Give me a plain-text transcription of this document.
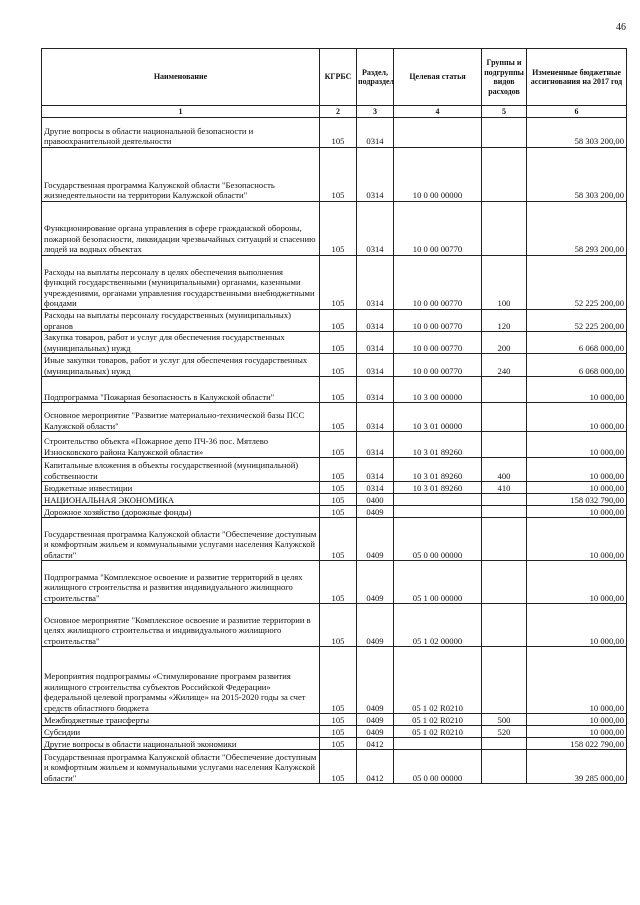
46
Наименование	КГРБС	Раздел, подраздел	Целевая статья	Группы и подгруппы видов расходов	Измененные бюджетные ассигнования на 2017 год
1	2	3	4	5	6
Другие вопросы в области национальной безопасности и правоохранительной деятельности	105	0314			58 303 200,00
Государственная программа Калужской области "Безопасность жизнедеятельности на территории Калужской области"	105	0314	10 0 00 00000		58 303 200,00
Функционирование органа управления в сфере гражданской обороны, пожарной безопасности, ликвидации чрезвычайных ситуаций и спасению людей на водных объектах	105	0314	10 0 00 00770		58 293 200,00
Расходы на выплаты персоналу в целях обеспечения выполнения функций государственными (муниципальными) органами, казенными учреждениями, органами управления государственными внебюджетными фондами	105	0314	10 0 00 00770	100	52 225 200,00
Расходы на выплаты персоналу государственных (муниципальных) органов	105	0314	10 0 00 00770	120	52 225 200,00
Закупка товаров, работ и услуг для обеспечения государственных (муниципальных) нужд	105	0314	10 0 00 00770	200	6 068 000,00
Иные закупки товаров, работ и услуг для обеспечения государственных (муниципальных) нужд	105	0314	10 0 00 00770	240	6 068 000,00
Подпрограмма "Пожарная безопасность в Калужской области"	105	0314	10 3 00 00000		10 000,00
Основное мероприятие "Развитие материально-технической базы ПСС Калужской области"	105	0314	10 3 01 00000		10 000,00
Строительство объекта «Пожарное депо ПЧ-36 пос. Мятлево Износковского района Калужской области»	105	0314	10 3 01 89260		10 000,00
Капитальные вложения в объекты государственной (муниципальной) собственности	105	0314	10 3 01 89260	400	10 000,00
Бюджетные инвестиции	105	0314	10 3 01 89260	410	10 000,00
НАЦИОНАЛЬНАЯ ЭКОНОМИКА	105	0400			158 032 790,00
Дорожное хозяйство (дорожные фонды)	105	0409			10 000,00
Государственная программа Калужской области "Обеспечение доступным и комфортным жильем и коммунальными услугами населения Калужской области"	105	0409	05 0 00 00000		10 000,00
Подпрограмма "Комплексное освоение и развитие территорий в целях жилищного строительства и развития индивидуального жилищного строительства"	105	0409	05 1 00 00000		10 000,00
Основное мероприятие "Комплексное освоение и развитие территории в целях жилищного строительства и индивидуального жилищного строительства"	105	0409	05 1 02 00000		10 000,00
Мероприятия подпрограммы «Стимулирование программ развития жилищного строительства субъектов Российской Федерации» федеральной целевой программы «Жилище» на 2015-2020 годы за счет средств областного бюджета	105	0409	05 1 02 R0210		10 000,00
Межбюджетные трансферты	105	0409	05 1 02 R0210	500	10 000,00
Субсидии	105	0409	05 1 02 R0210	520	10 000,00
Другие вопросы в области национальной экономики	105	0412			158 022 790,00
Государственная программа Калужской области "Обеспечение доступным и комфортным жильем и коммунальными услугами населения Калужской области"	105	0412	05 0 00 00000		39 285 000,00
